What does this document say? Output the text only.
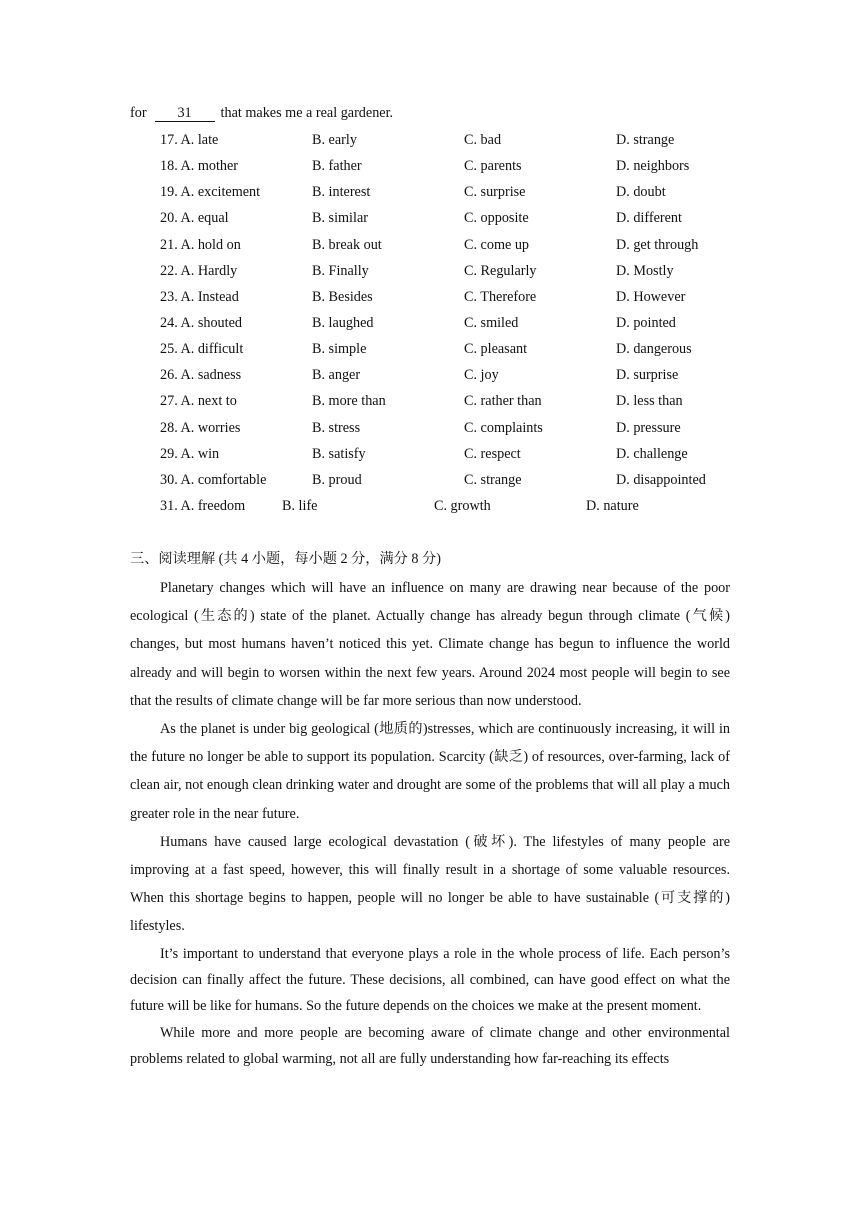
for 31 that makes me a real gardener.
17. A. late	B. early	C. bad	D. strange
18. A. mother	B. father	C. parents	D. neighbors
19. A. excitement	B. interest	C. surprise	D. doubt
20. A. equal	B. similar	C. opposite	D. different
21. A. hold on	B. break out	C. come up	D. get through
22. A. Hardly	B. Finally	C. Regularly	D. Mostly
23. A. Instead	B. Besides	C. Therefore	D. However
24. A. shouted	B. laughed	C. smiled	D. pointed
25. A. difficult	B. simple	C. pleasant	D. dangerous
26. A. sadness	B. anger	C. joy	D. surprise
27. A. next to	B. more than	C. rather than	D. less than
28. A. worries	B. stress	C. complaints	D. pressure
29. A. win	B. satisfy	C. respect	D. challenge
30. A. comfortable	B. proud	C. strange	D. disappointed
31. A. freedom	B. life	C. growth	D. nature
三、阅读理解 (共 4 小题，每小题 2 分，满分 8 分)

Planetary changes which will have an influence on many are drawing near because of the poor ecological (生态的) state of the planet. Actually change has already begun through climate (气候) changes, but most humans haven’t noticed this yet. Climate change has begun to influence the world already and will begin to worsen within the next few years. Around 2024 most people will begin to see that the results of climate change will be far more serious than now understood.

As the planet is under big geological (地质的)stresses, which are continuously increasing, it will in the future no longer be able to support its population. Scarcity (缺乏) of resources, over-farming, lack of clean air, not enough clean drinking water and drought are some of the problems that will all play a much greater role in the near future.

Humans have caused large ecological devastation (破坏). The lifestyles of many people are improving at a fast speed, however, this will finally result in a shortage of some valuable resources. When this shortage begins to happen, people will no longer be able to have sustainable (可支撑的) lifestyles.

It’s important to understand that everyone plays a role in the whole process of life. Each person’s decision can finally affect the future. These decisions, all combined, can have good effect on what the future will be like for humans. So the future depends on the choices we make at the present moment.

While more and more people are becoming aware of climate change and other environmental problems related to global warming, not all are fully understanding how far-reaching its effects
